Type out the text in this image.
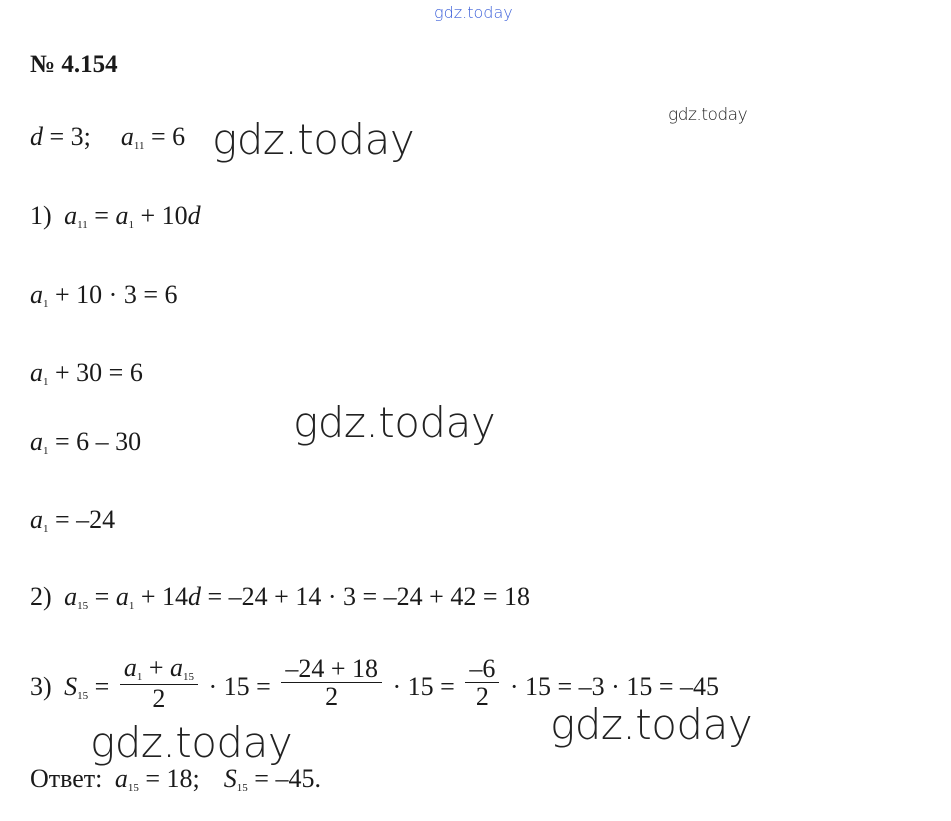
gdz.today
gdz.today
gdz.today
gdz.today
gdz.today
gdz.today
№ 4.154
d = 3; $a_{11} = 6$
1) $a_{11} = a_1 + 10d$
$a_1 + 10 \cdot 3 = 6$
$a_1 + 30 = 6$
$a_1 = 6 - 30$
$a_1 = -24$
2) $a_{15} = a_1 + 14d = -24 + 14 \cdot 3 = -24 + 42 = 18$
3) $S_{15} = \frac{a_1 + a_{15}}{2} \cdot 15 = \frac{-24 + 18}{2} \cdot 15 = \frac{-6}{2} \cdot 15 = -3 \cdot 15 = -45$
Ответ: $a_{15} = 18$; $S_{15} = -45$.
